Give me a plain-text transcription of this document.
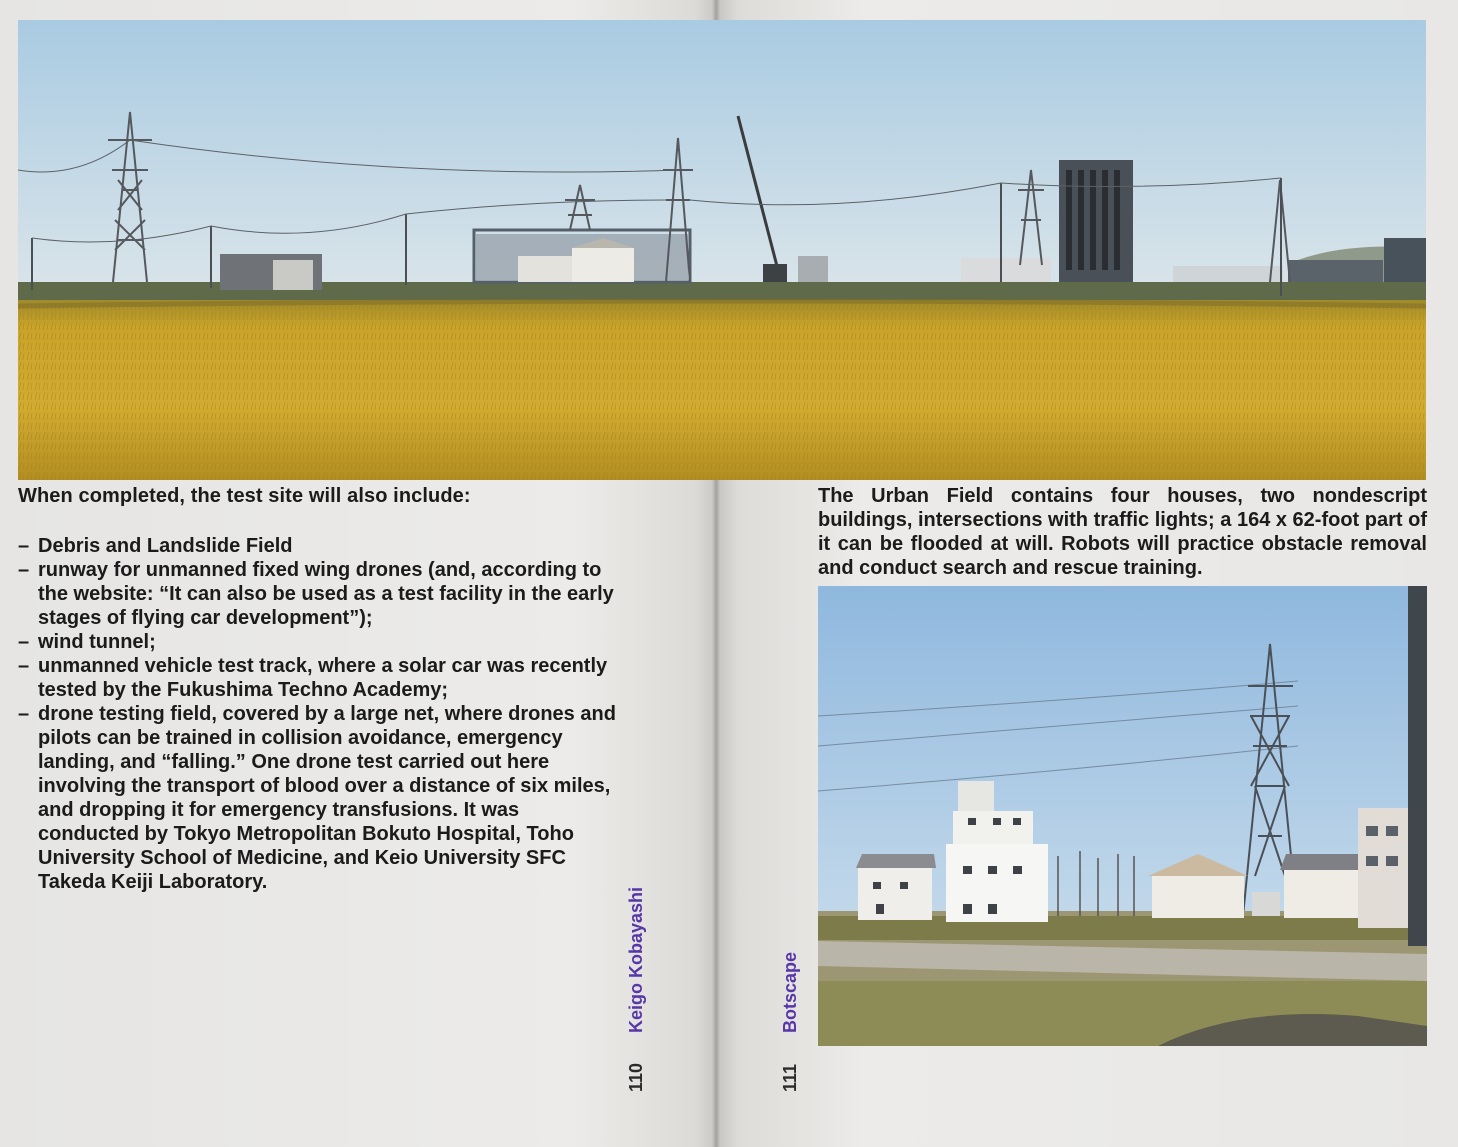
When completed, the test site will also include:

– Debris and Landslide Field
– runway for unmanned fixed wing drones (and, according to the website: “It can also be used as a test facility in the early stages of flying car development”);
– wind tunnel;
– unmanned vehicle test track, where a solar car was recently tested by the Fukushima Techno Academy;
– drone testing field, covered by a large net, where drones and pilots can be trained in collision avoidance, emergency landing, and “falling.” One drone test carried out here involving the transport of blood over a distance of six miles, and dropping it for emergency transfusions. It was conducted by Tokyo Metropolitan Bokuto Hospital, Toho University School of Medicine, and Keio University SFC Takeda Keiji Laboratory.

The Urban Field contains four houses, two nondescript buildings, intersections with traffic lights; a 164 x 62-foot part of it can be flooded at will. Robots will practice obstacle removal and conduct search and rescue training.

Keigo Kobayashi
110
Botscape
111
